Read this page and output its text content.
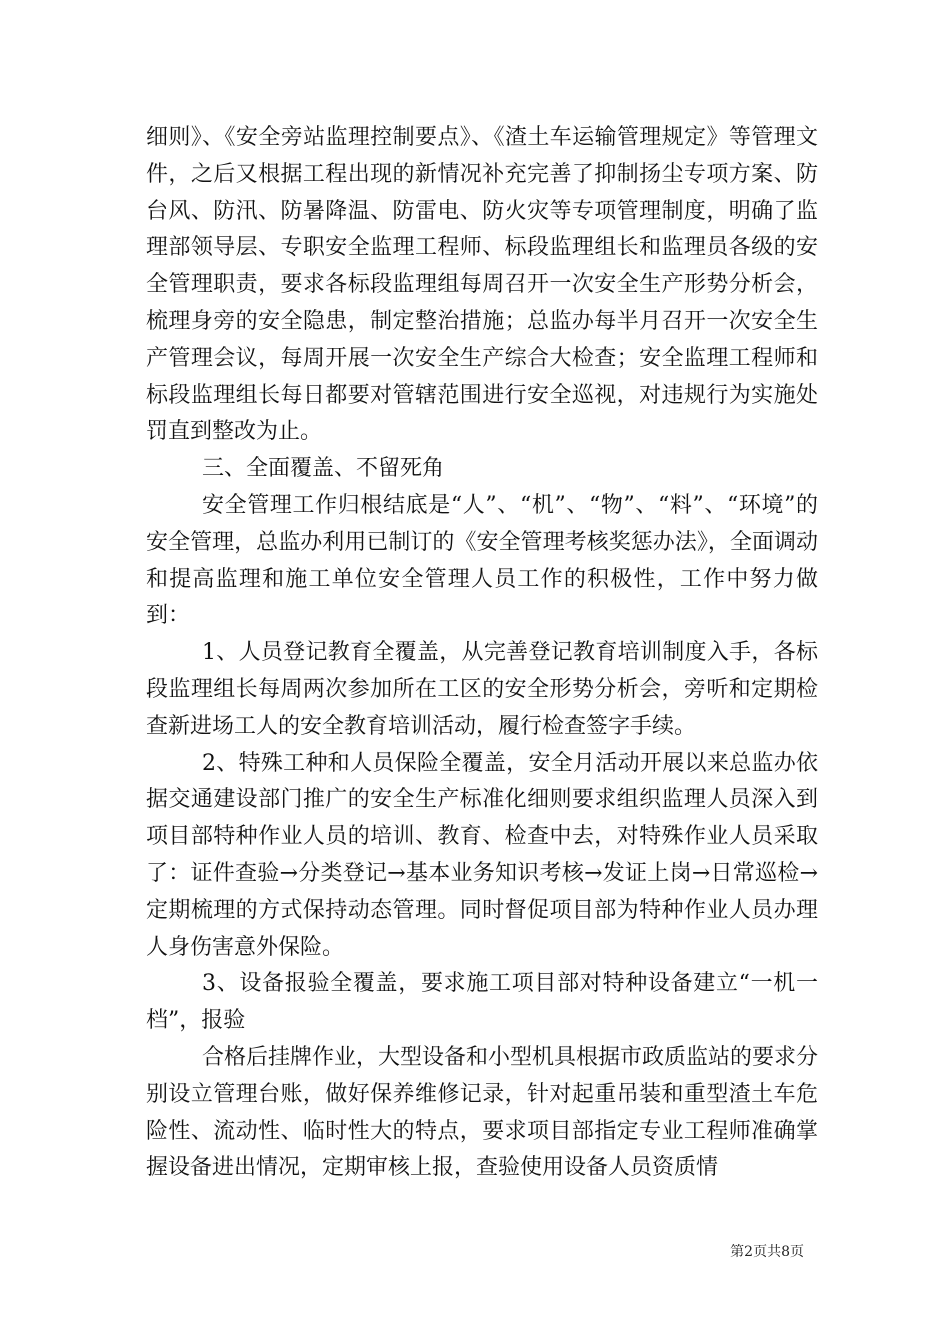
细则》、《安全旁站监理控制要点》、《渣土车运输管理规定》等管理文件，之后又根据工程出现的新情况补充完善了抑制扬尘专项方案、防台风、防汛、防暑降温、防雷电、防火灾等专项管理制度，明确了监理部领导层、专职安全监理工程师、标段监理组长和监理员各级的安全管理职责，要求各标段监理组每周召开一次安全生产形势分析会，梳理身旁的安全隐患，制定整治措施；总监办每半月召开一次安全生产管理会议，每周开展一次安全生产综合大检查；安全监理工程师和标段监理组长每日都要对管辖范围进行安全巡视，对违规行为实施处罚直到整改为止。

三、全面覆盖、不留死角

安全管理工作归根结底是“人”、“机”、“物”、“料”、“环境”的安全管理，总监办利用已制订的《安全管理考核奖惩办法》，全面调动和提高监理和施工单位安全管理人员工作的积极性，工作中努力做到：

1、人员登记教育全覆盖，从完善登记教育培训制度入手，各标段监理组长每周两次参加所在工区的安全形势分析会，旁听和定期检查新进场工人的安全教育培训活动，履行检查签字手续。

2、特殊工种和人员保险全覆盖，安全月活动开展以来总监办依据交通建设部门推广的安全生产标准化细则要求组织监理人员深入到项目部特种作业人员的培训、教育、检查中去，对特殊作业人员采取了：证件查验→分类登记→基本业务知识考核→发证上岗→日常巡检→定期梳理的方式保持动态管理。同时督促项目部为特种作业人员办理人身伤害意外保险。

3、设备报验全覆盖，要求施工项目部对特种设备建立“一机一档”，报验

合格后挂牌作业，大型设备和小型机具根据市政质监站的要求分别设立管理台账，做好保养维修记录，针对起重吊装和重型渣土车危险性、流动性、临时性大的特点，要求项目部指定专业工程师准确掌握设备进出情况，定期审核上报，查验使用设备人员资质情

第2页共8页
